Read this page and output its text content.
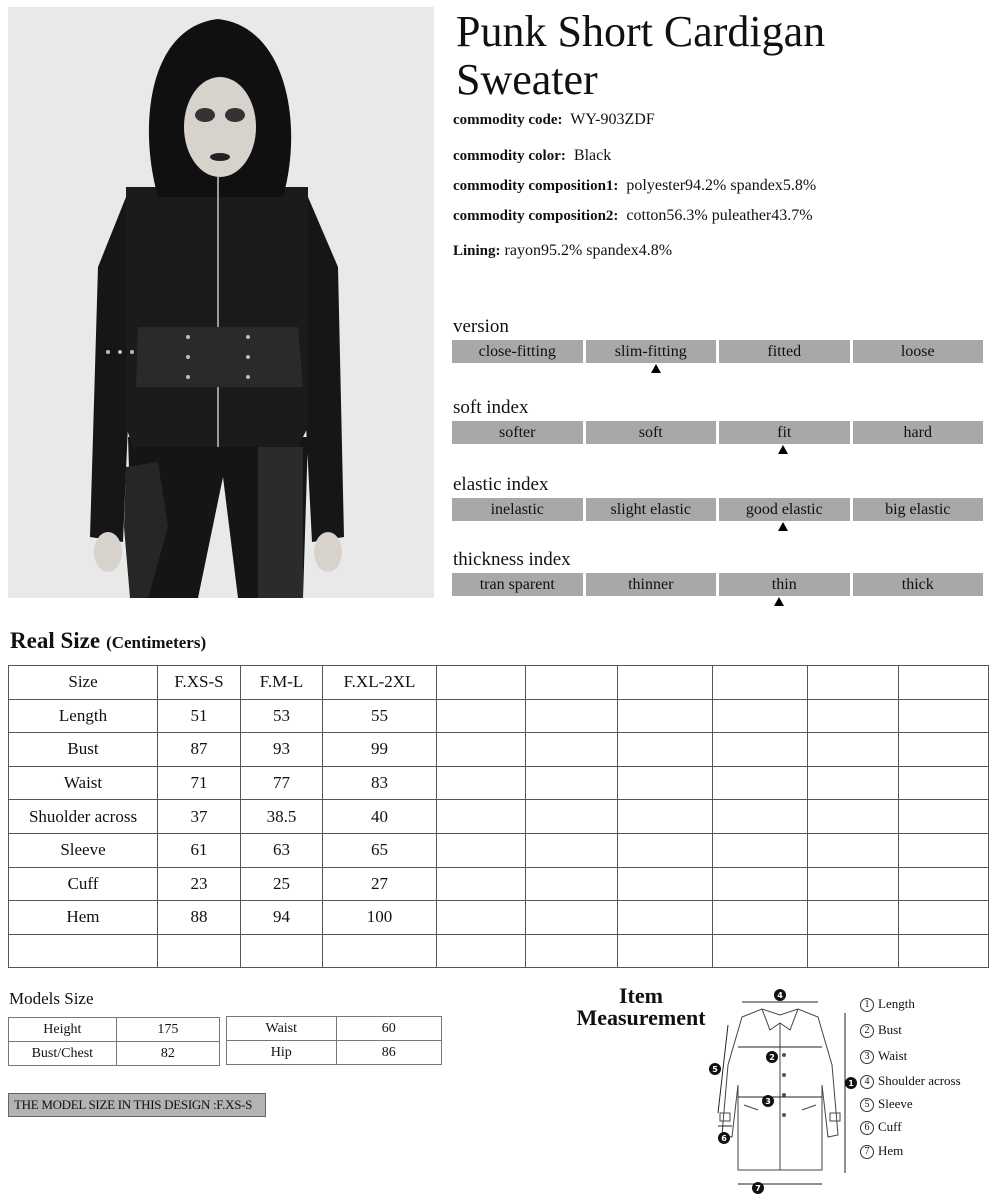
Punk Short Cardigan
Sweater
commodity code: WY-903ZDF
commodity color: Black
commodity composition1: polyester94.2% spandex5.8%
commodity composition2: cotton56.3% puleather43.7%
Lining: rayon95.2% spandex4.8%
version
close-fitting	slim-fitting	fitted	loose
soft index
softer	soft	fit	hard
elastic index
inelastic	slight elastic	good elastic	big elastic
thickness index
tran sparent	thinner	thin	thick
Real Size (Centimeters)
Size	F.XS-S	F.M-L	F.XL-2XL						
Length	51	53	55						
Bust	87	93	99						
Waist	71	77	83						
Shuolder across	37	38.5	40						
Sleeve	61	63	65						
Cuff	23	25	27						
Hem	88	94	100						

Models Size
Height	175
Bust/Chest	82
Waist	60
Hip	86
THE MODEL SIZE IN THIS DESIGN :F.XS-S
Item
Measurement
4
2
3
1
5
6
7
1 Length
2 Bust
3 Waist
4 Shoulder across
5 Sleeve
6 Cuff
7 Hem
